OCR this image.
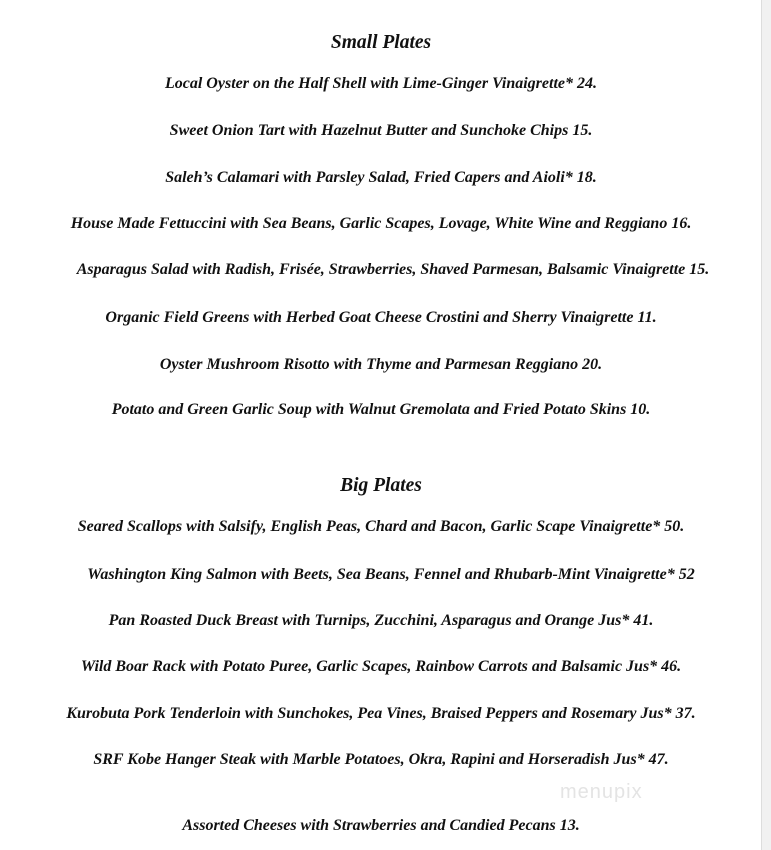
Small Plates
Local Oyster on the Half Shell with Lime-Ginger Vinaigrette* 24.
Sweet Onion Tart with Hazelnut Butter and Sunchoke Chips 15.
Saleh’s Calamari with Parsley Salad, Fried Capers and Aioli* 18.
House Made Fettuccini with Sea Beans, Garlic Scapes, Lovage, White Wine and Reggiano 16.
Asparagus Salad with Radish, Frisée, Strawberries, Shaved Parmesan, Balsamic Vinaigrette 15.
Organic Field Greens with Herbed Goat Cheese Crostini and Sherry Vinaigrette 11.
Oyster Mushroom Risotto with Thyme and Parmesan Reggiano 20.
Potato and Green Garlic Soup with Walnut Gremolata and Fried Potato Skins 10.
Big Plates
Seared Scallops with Salsify, English Peas, Chard and Bacon, Garlic Scape Vinaigrette* 50.
Washington King Salmon with Beets, Sea Beans, Fennel and Rhubarb-Mint Vinaigrette* 52
Pan Roasted Duck Breast with Turnips, Zucchini, Asparagus and Orange Jus* 41.
Wild Boar Rack with Potato Puree, Garlic Scapes, Rainbow Carrots and Balsamic Jus* 46.
Kurobuta Pork Tenderloin with Sunchokes, Pea Vines, Braised Peppers and Rosemary Jus* 37.
SRF Kobe Hanger Steak with Marble Potatoes, Okra, Rapini and Horseradish Jus* 47.
Assorted Cheeses with Strawberries and Candied Pecans 13.
menupix
